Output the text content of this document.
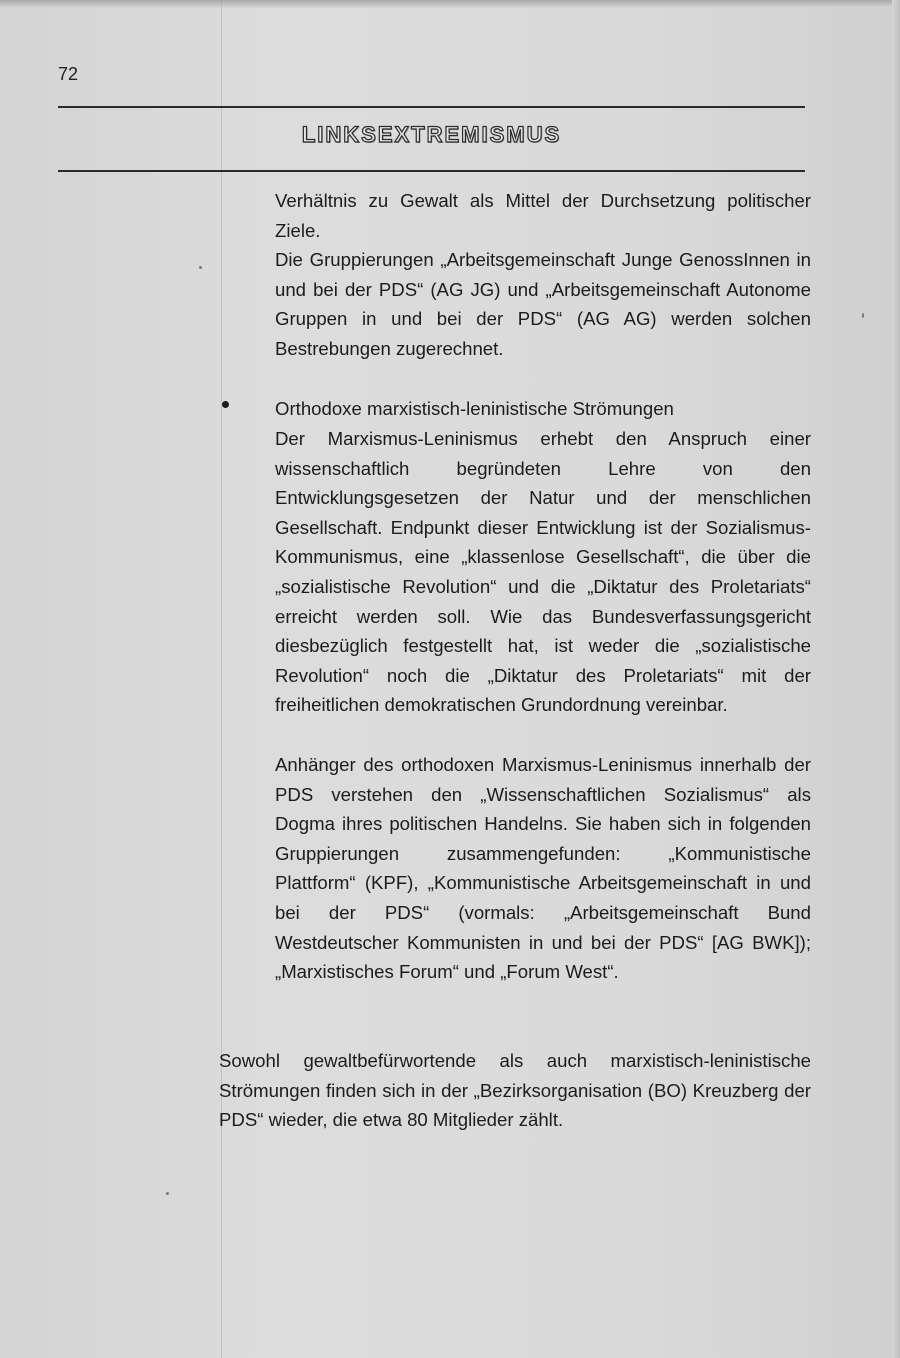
72
LINKSEXTREMISMUS
Verhältnis zu Gewalt als Mittel der Durchsetzung politischer Ziele.
Die Gruppierungen „Arbeitsgemeinschaft Junge GenossInnen in und bei der PDS“ (AG JG) und „Arbeitsgemeinschaft Autonome Gruppen in und bei der PDS“ (AG AG) werden solchen Bestrebungen zugerechnet.
Orthodoxe marxistisch-leninistische Strömungen
Der Marxismus-Leninismus erhebt den Anspruch einer wissenschaftlich begründeten Lehre von den Entwicklungsgesetzen der Natur und der menschlichen Gesellschaft. Endpunkt dieser Entwicklung ist der Sozialismus-Kommunismus, eine „klassenlose Gesellschaft“, die über die „sozialistische Revolution“ und die „Diktatur des Proletariats“ erreicht werden soll. Wie das Bundesverfassungsgericht diesbezüglich festgestellt hat, ist weder die „sozialistische Revolution“ noch die „Diktatur des Proletariats“ mit der freiheitlichen demokratischen Grundordnung vereinbar.
Anhänger des orthodoxen Marxismus-Leninismus innerhalb der PDS verstehen den „Wissenschaftlichen Sozialismus“ als Dogma ihres politischen Handelns. Sie haben sich in folgenden Gruppierungen zusammengefunden: „Kommunistische Plattform“ (KPF), „Kommunistische Arbeitsgemeinschaft in und bei der PDS“ (vormals: „Arbeitsgemeinschaft Bund Westdeutscher Kommunisten in und bei der PDS“ [AG BWK]); „Marxistisches Forum“ und „Forum West“.
Sowohl gewaltbefürwortende als auch marxistisch-leninistische Strömungen finden sich in der „Bezirksorganisation (BO) Kreuzberg der PDS“ wieder, die etwa 80 Mitglieder zählt.
